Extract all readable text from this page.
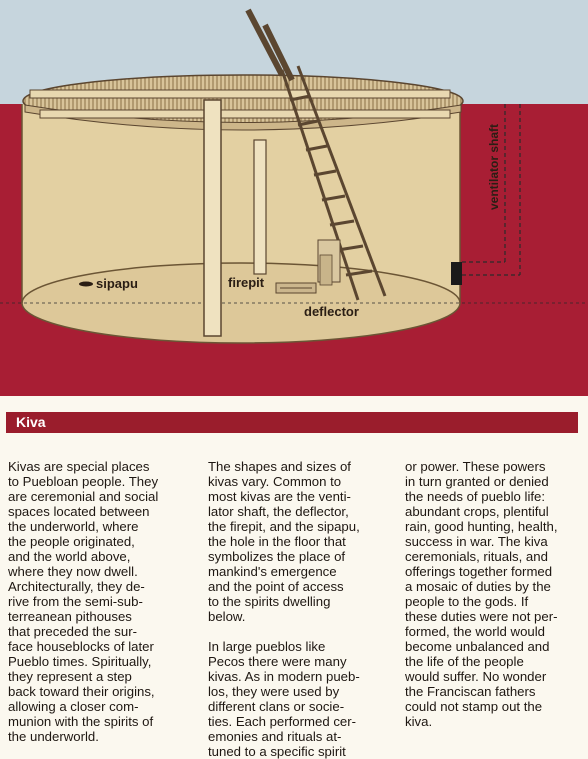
sipapu	firepit
deflector
ventilator shaft
Kiva
Kivas are special places
to Puebloan people. They
are ceremonial and social
spaces located between
the underworld, where
the people originated,
and the world above,
where they now dwell.
Architecturally, they de-
rive from the semi-sub-
terreanean pithouses
that preceded the sur-
face houseblocks of later
Pueblo times. Spiritually,
they represent a step
back toward their origins,
allowing a closer com-
munion with the spirits of
the underworld.
The shapes and sizes of
kivas vary. Common to
most kivas are the venti-
lator shaft, the deflector,
the firepit, and the sipapu,
the hole in the floor that
symbolizes the place of
mankind's emergence
and the point of access
to the spirits dwelling
below.

In large pueblos like
Pecos there were many
kivas. As in modern pueb-
los, they were used by
different clans or socie-
ties. Each performed cer-
emonies and rituals at-
tuned to a specific spirit
or power. These powers
in turn granted or denied
the needs of pueblo life:
abundant crops, plentiful
rain, good hunting, health,
success in war. The kiva
ceremonials, rituals, and
offerings together formed
a mosaic of duties by the
people to the gods. If
these duties were not per-
formed, the world would
become unbalanced and
the life of the people
would suffer. No wonder
the Franciscan fathers
could not stamp out the
kiva.
